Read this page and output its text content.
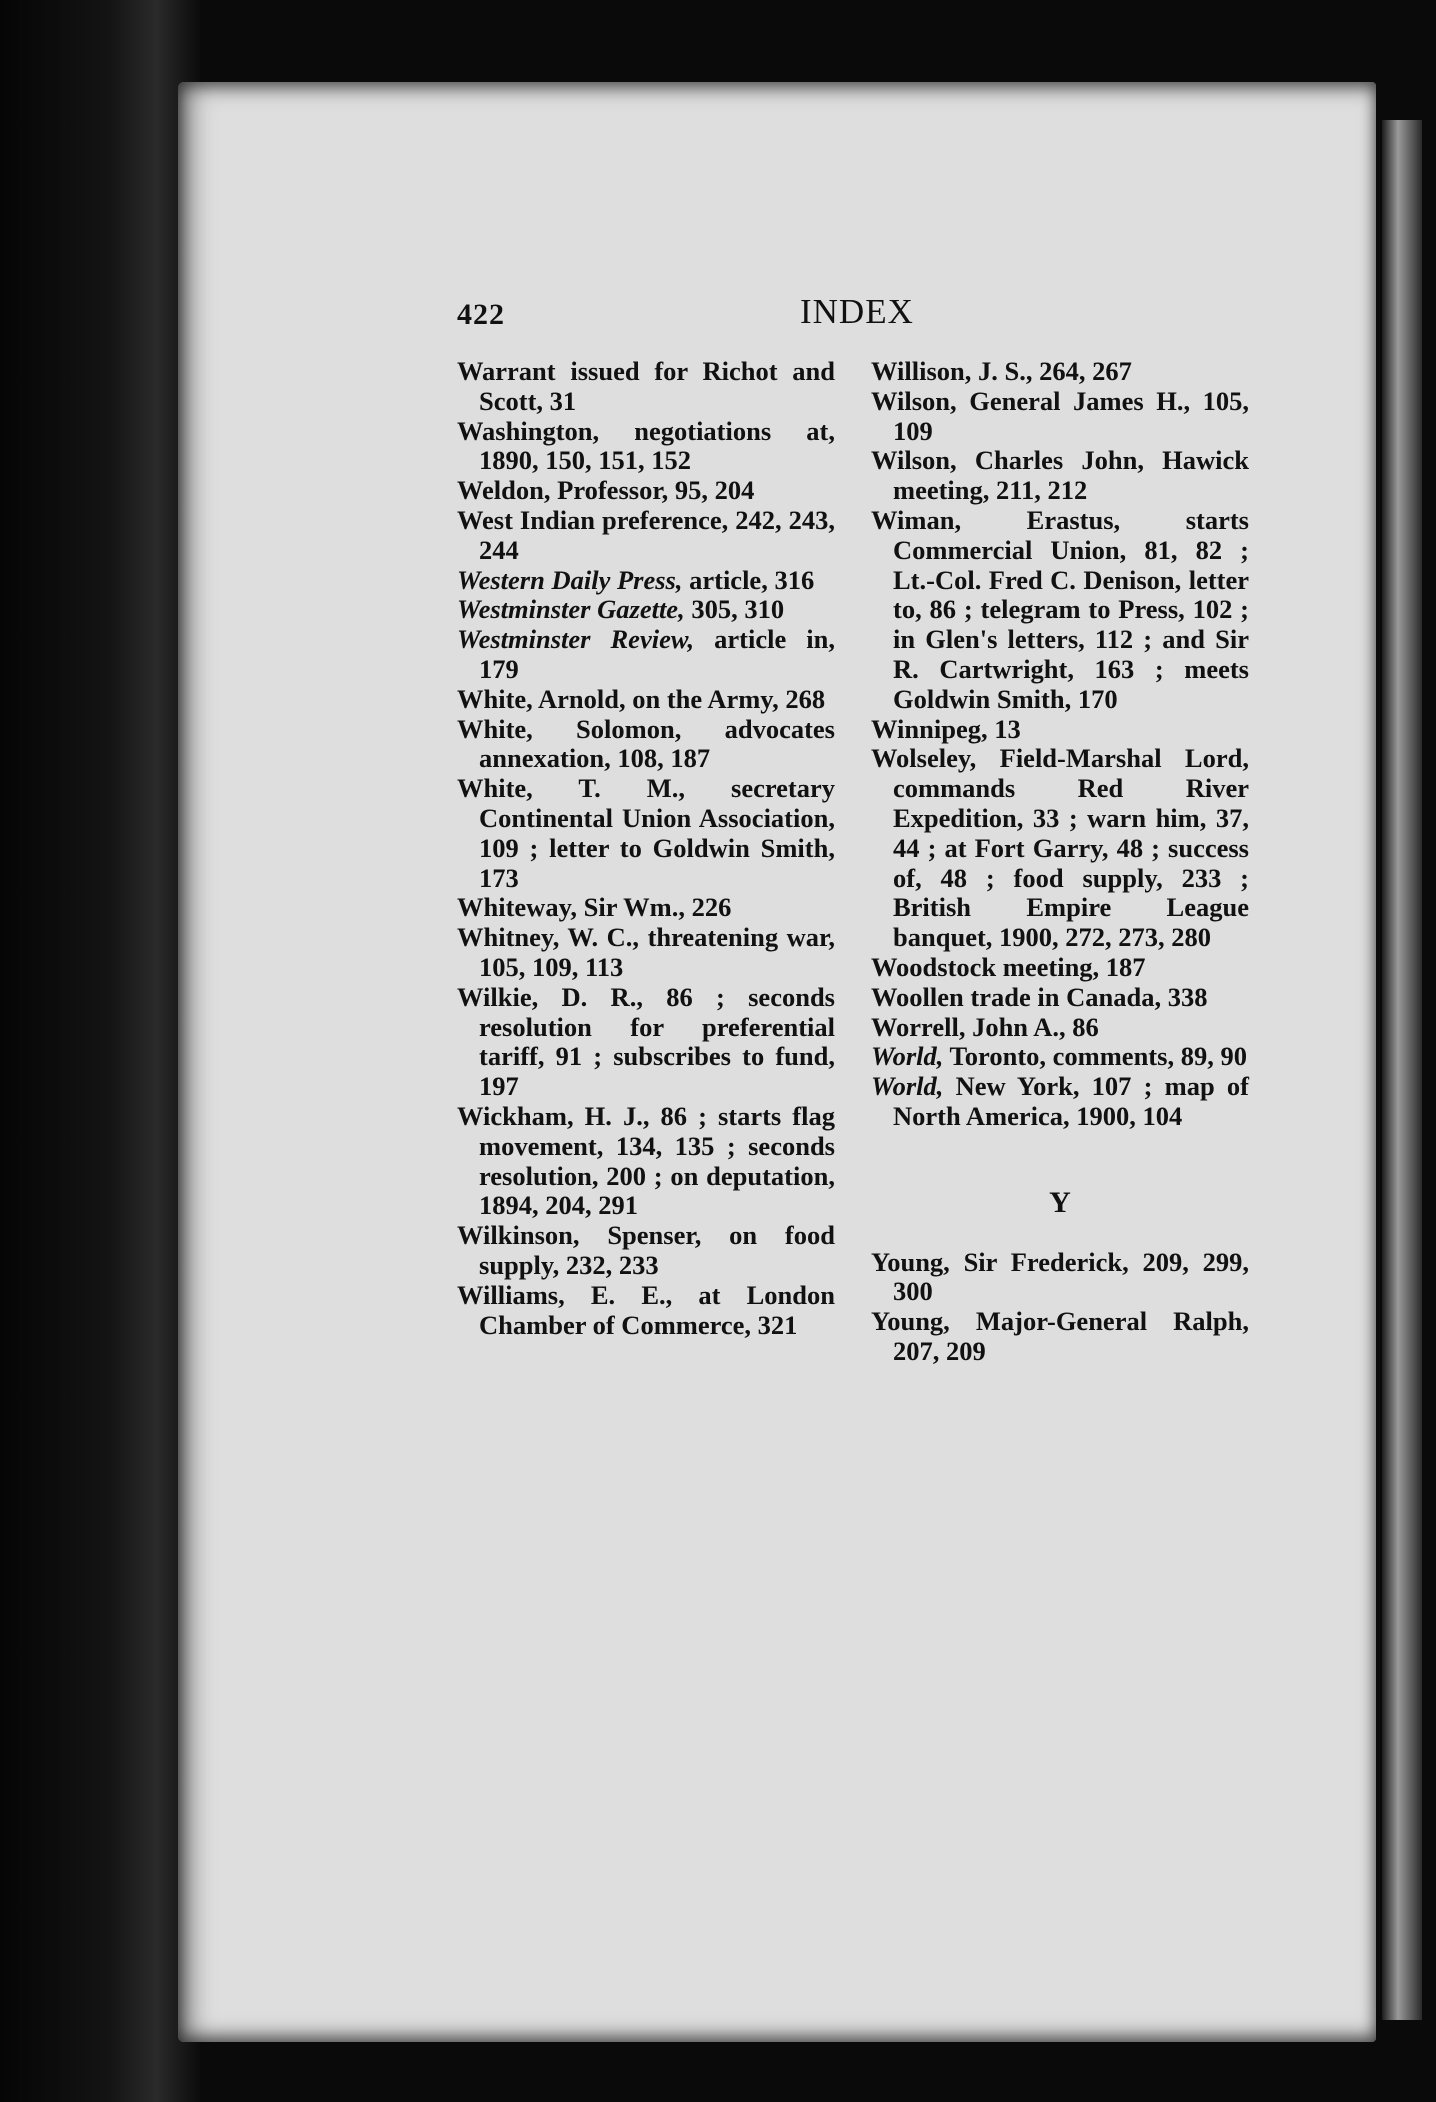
422	INDEX

Warrant issued for Richot and Scott, 31

Washington, negotiations at, 1890, 150, 151, 152

Weldon, Professor, 95, 204

West Indian preference, 242, 243, 244

Western Daily Press, article, 316

Westminster Gazette, 305, 310

Westminster Review, article in, 179

White, Arnold, on the Army, 268

White, Solomon, advocates annexation, 108, 187

White, T. M., secretary Continental Union Association, 109 ; letter to Goldwin Smith, 173

Whiteway, Sir Wm., 226

Whitney, W. C., threatening war, 105, 109, 113

Wilkie, D. R., 86 ; seconds resolution for preferential tariff, 91 ; subscribes to fund, 197

Wickham, H. J., 86 ; starts flag movement, 134, 135 ; seconds resolution, 200 ; on deputation, 1894, 204, 291

Wilkinson, Spenser, on food supply, 232, 233

Williams, E. E., at London Chamber of Commerce, 321

Willison, J. S., 264, 267

Wilson, General James H., 105, 109

Wilson, Charles John, Hawick meeting, 211, 212

Wiman, Erastus, starts Commercial Union, 81, 82 ; Lt.-Col. Fred C. Denison, letter to, 86 ; telegram to Press, 102 ; in Glen's letters, 112 ; and Sir R. Cartwright, 163 ; meets Goldwin Smith, 170

Winnipeg, 13

Wolseley, Field-Marshal Lord, commands Red River Expedition, 33 ; warn him, 37, 44 ; at Fort Garry, 48 ; success of, 48 ; food supply, 233 ; British Empire League banquet, 1900, 272, 273, 280

Woodstock meeting, 187

Woollen trade in Canada, 338

Worrell, John A., 86

World, Toronto, comments, 89, 90

World, New York, 107 ; map of North America, 1900, 104

Y

Young, Sir Frederick, 209, 299, 300

Young, Major-General Ralph, 207, 209
